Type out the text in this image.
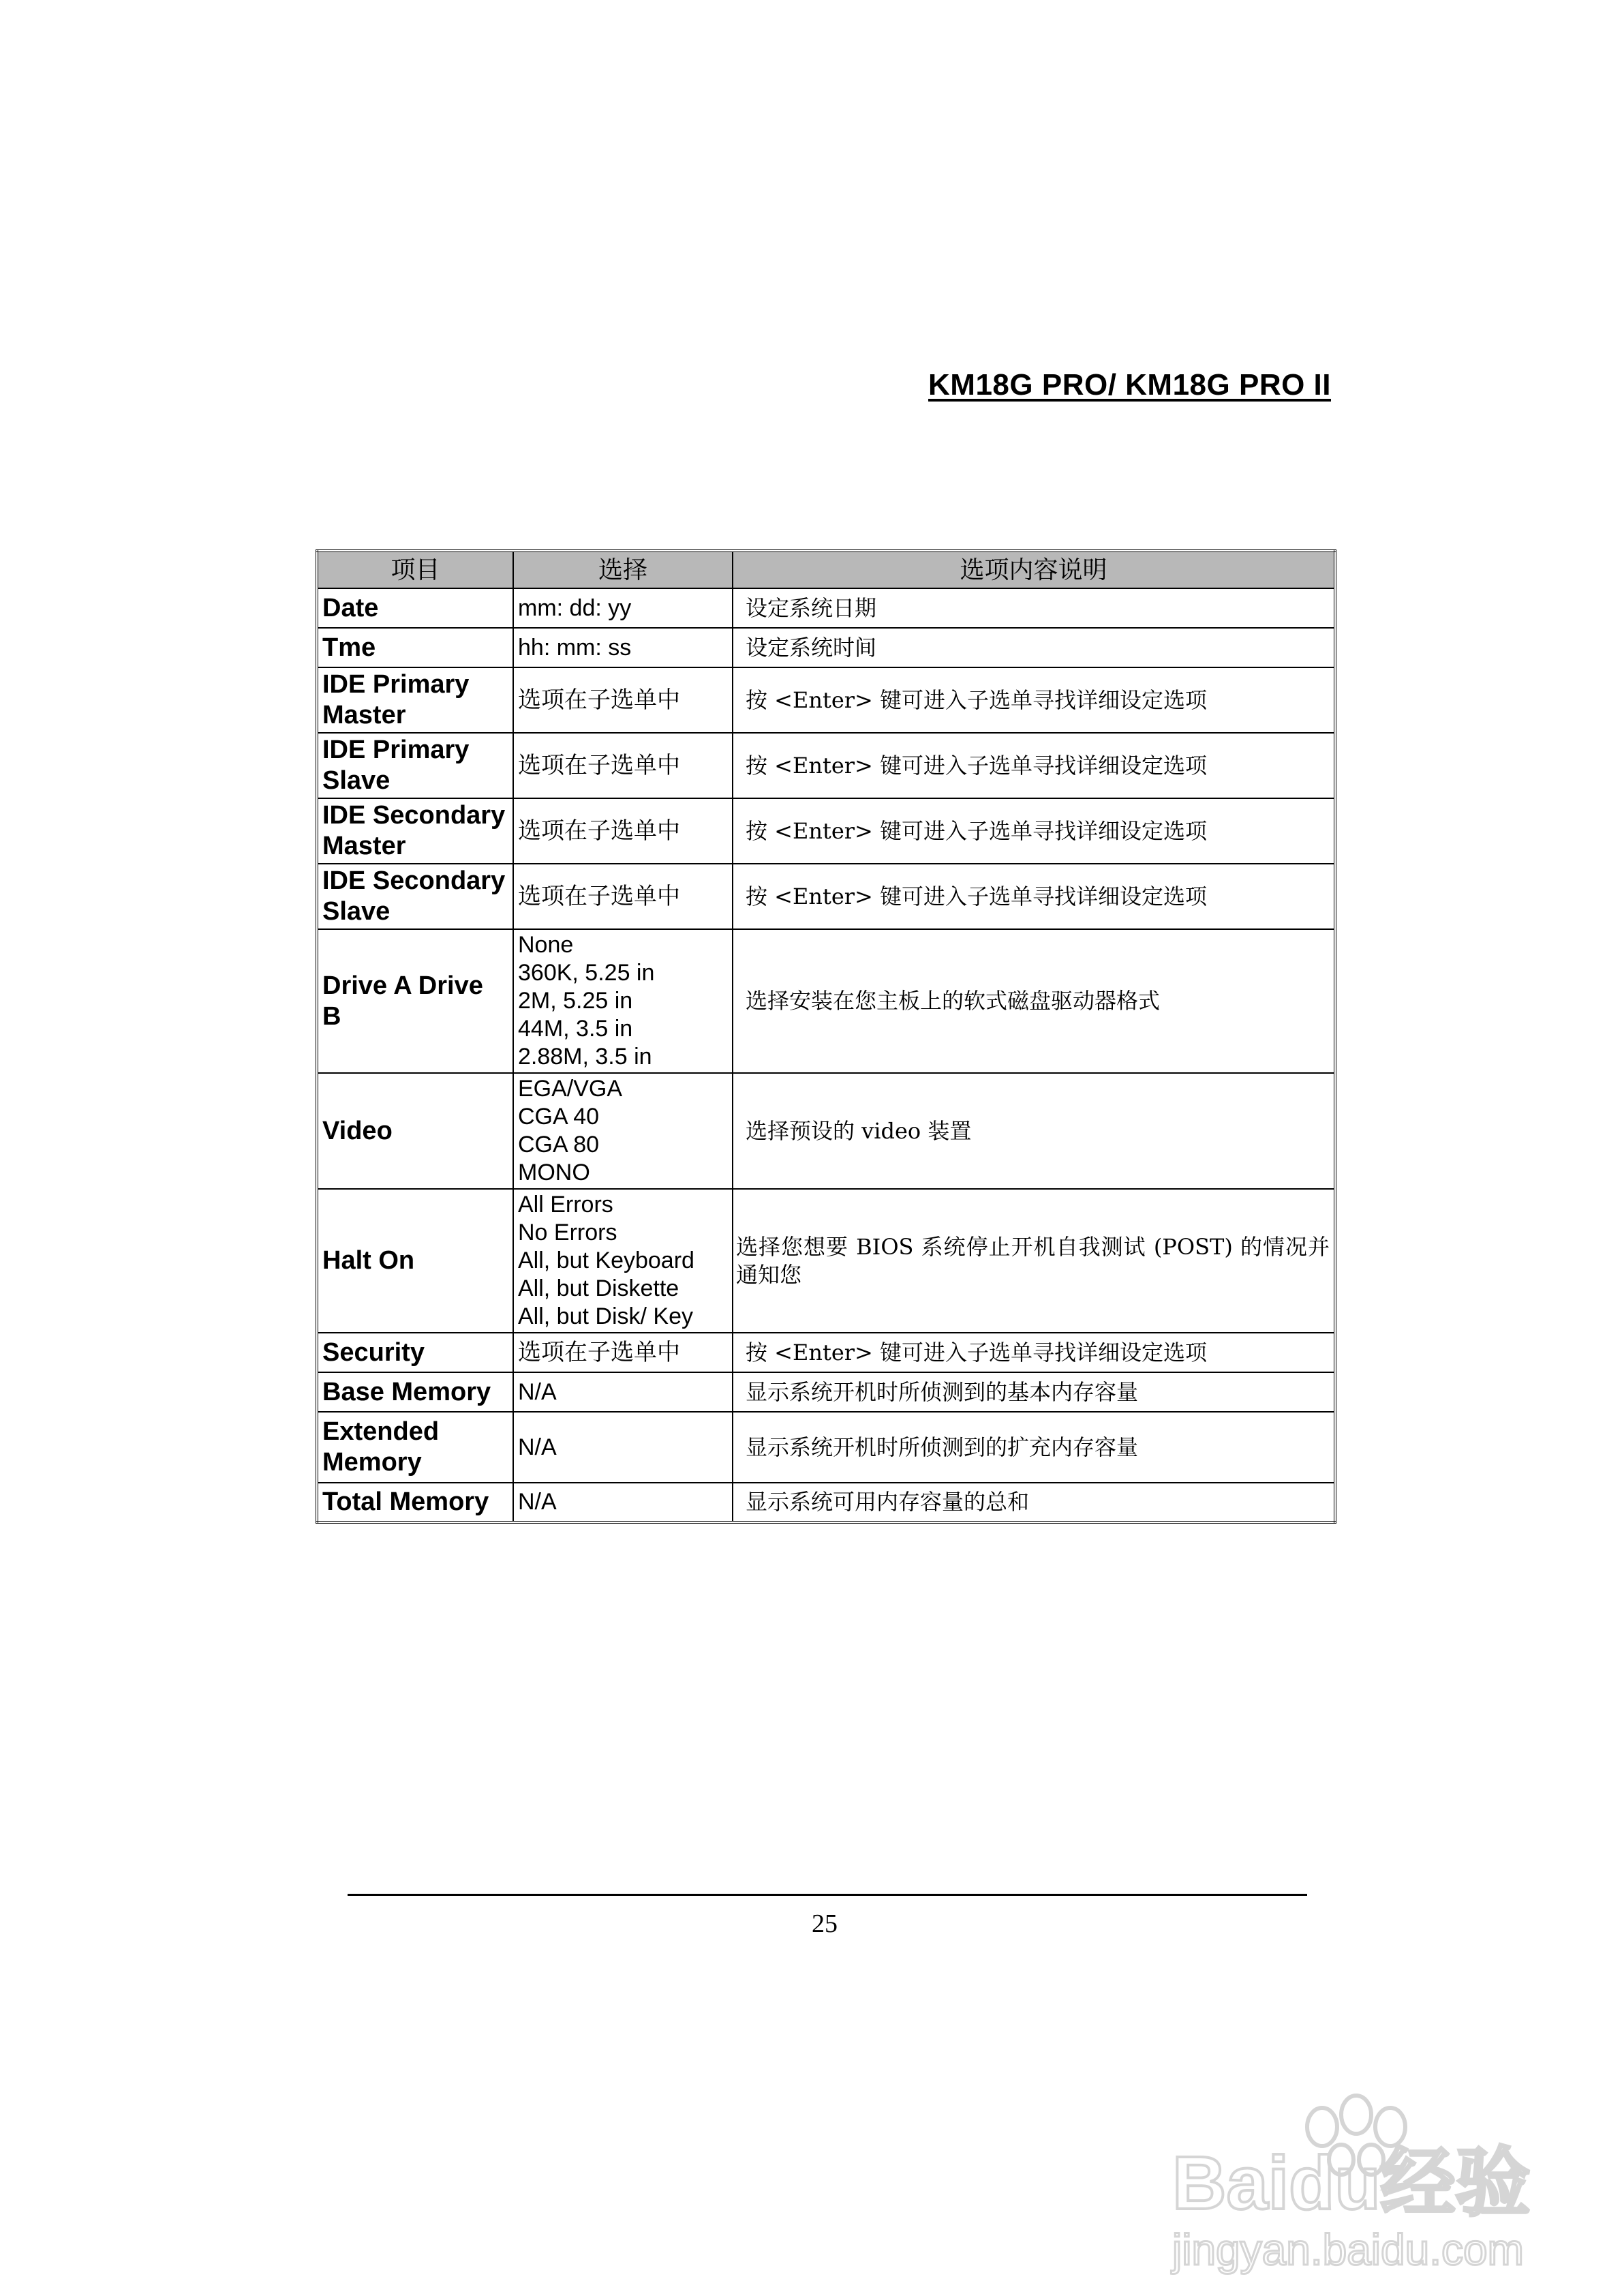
KM18G PRO/ KM18G PRO II
项目	选择	选项内容说明
Date	mm: dd: yy	设定系统日期
Tme	hh: mm: ss	设定系统时间
IDE Primary Master	选项在子选单中	按 <Enter> 键可进入子选单寻找详细设定选项
IDE Primary Slave	选项在子选单中	按 <Enter> 键可进入子选单寻找详细设定选项
IDE Secondary Master	选项在子选单中	按 <Enter> 键可进入子选单寻找详细设定选项
IDE Secondary Slave	选项在子选单中	按 <Enter> 键可进入子选单寻找详细设定选项
Drive A Drive B	None
360K, 5.25 in
2M, 5.25 in
44M, 3.5 in
2.88M, 3.5 in	选择安装在您主板上的软式磁盘驱动器格式
Video	EGA/VGA
CGA 40
CGA 80
MONO	选择预设的 video 装置
Halt On	All Errors
No Errors
All, but Keyboard
All, but Diskette
All, but Disk/ Key	选择您想要 BIOS 系统停止开机自我测试 (POST) 的情况并通知您
Security	选项在子选单中	按 <Enter> 键可进入子选单寻找详细设定选项
Base Memory	N/A	显示系统开机时所侦测到的基本内存容量
Extended Memory	N/A	显示系统开机时所侦测到的扩充内存容量
Total Memory	N/A	显示系统可用内存容量的总和
25
Baidu经验
jingyan.baidu.com
